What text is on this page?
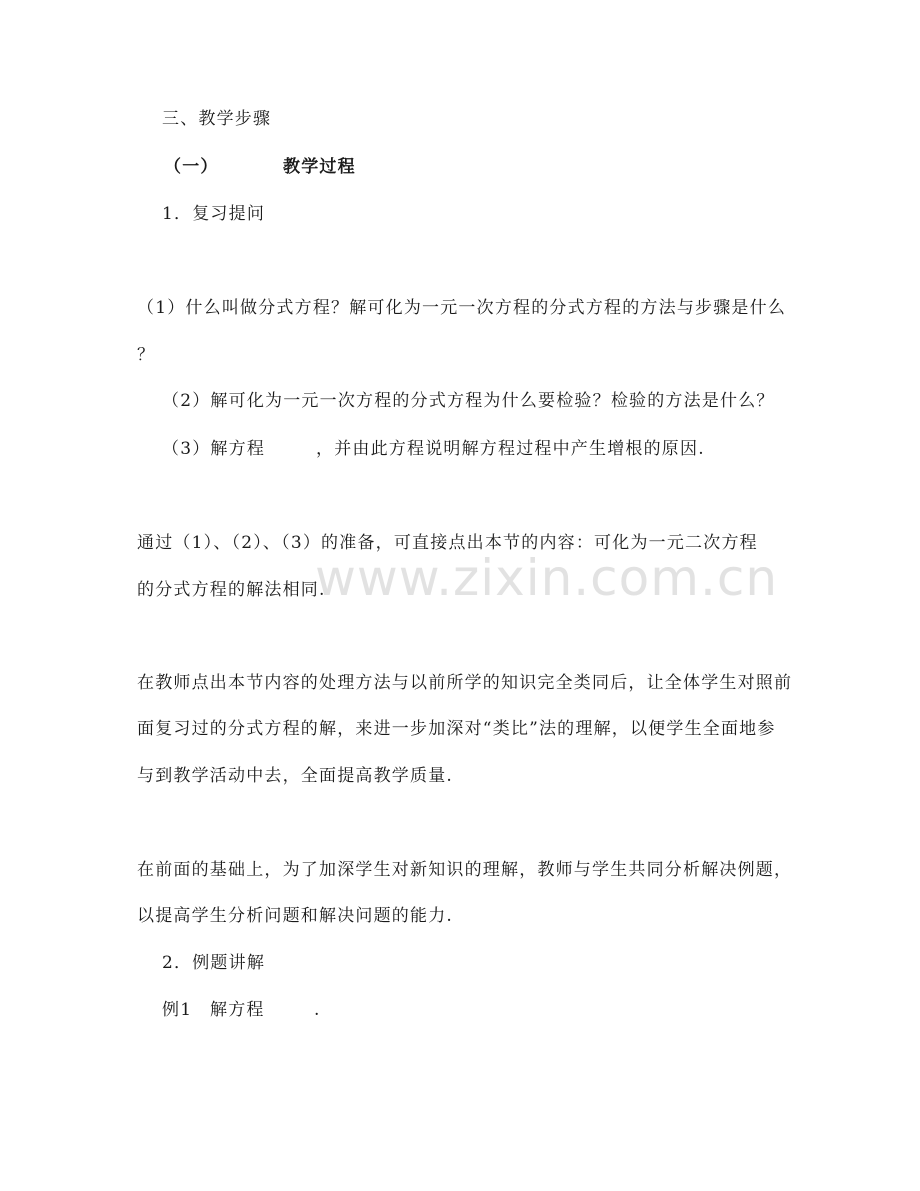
www.zixin.com.cn
三、教学步骤
（一）	教学过程
1．复习提问
（1）什么叫做分式方程？解可化为一元一次方程的分式方程的方法与步骤是什么
？
（2）解可化为一元一次方程的分式方程为什么要检验？检验的方法是什么？
（3）解方程	，并由此方程说明解方程过程中产生增根的原因.
通过（1）、（2）、（3）的准备，可直接点出本节的内容：可化为一元二次方程
的分式方程的解法相同.
在教师点出本节内容的处理方法与以前所学的知识完全类同后，让全体学生对照前
面复习过的分式方程的解，来进一步加深对“类比”法的理解，以便学生全面地参
与到教学活动中去，全面提高教学质量.
在前面的基础上，为了加深学生对新知识的理解，教师与学生共同分析解决例题，
以提高学生分析问题和解决问题的能力.
2．例题讲解
例1 解方程	.
